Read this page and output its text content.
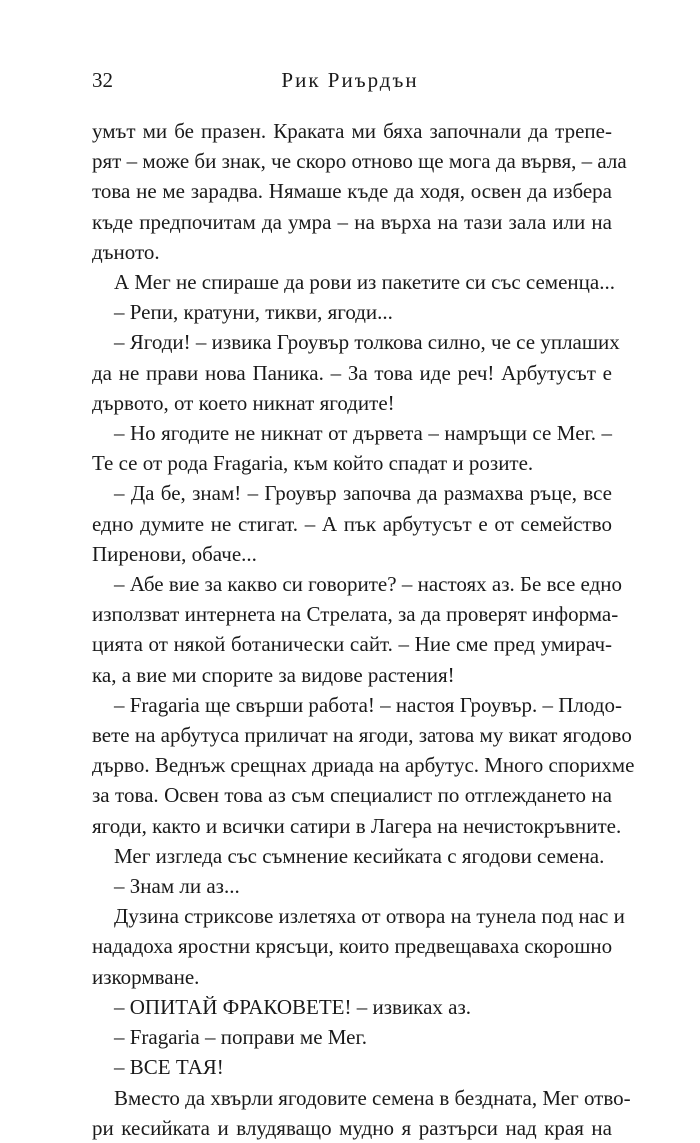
32	Рик Риърдън

умът ми бе празен. Краката ми бяха започнали да трепе-
рят – може би знак, че скоро отново ще мога да вървя, – ала
това не ме зарадва. Нямаше къде да ходя, освен да избера
къде предпочитам да умра – на върха на тази зала или на
дъното.

А Мег не спираше да рови из пакетите си със семенца...

– Репи, кратуни, тикви, ягоди...

– Ягоди! – извика Гроувър толкова силно, че се уплаших
да не прави нова Паника. – За това иде реч! Арбутусът е
дървото, от което никнат ягодите!

– Но ягодите не никнат от дървета – намръщи се Мег. –
Те се от рода Fragaria, към който спадат и розите.

– Да бе, знам! – Гроувър започва да размахва ръце, все
едно думите не стигат. – А пък арбутусът е от семейство
Пиренови, обаче...

– Абе вие за какво си говорите? – настоях аз. Бе все едно
използват интернета на Стрелата, за да проверят информа-
цията от някой ботанически сайт. – Ние сме пред умирач-
ка, а вие ми спорите за видове растения!

– Fragaria ще свърши работа! – настоя Гроувър. – Плодо-
вете на арбутуса приличат на ягоди, затова му викат ягодово
дърво. Веднъж срещнах дриада на арбутус. Много спорихме
за това. Освен това аз съм специалист по отглеждането на
ягоди, както и всички сатири в Лагера на нечистокръвните.

Мег изгледа със съмнение кесийката с ягодови семена.

– Знам ли аз...

Дузина стриксове излетяха от отвора на тунела под нас и
нададоха яростни крясъци, които предвещаваха скорошно
изкормване.

– ОПИТАЙ ФРАКОВЕТЕ! – извиках аз.

– Fragaria – поправи ме Мег.

– ВСЕ ТАЯ!

Вместо да хвърли ягодовите семена в бездната, Мег отво-
ри кесийката и влудяващо мудно я разтърси над края на
